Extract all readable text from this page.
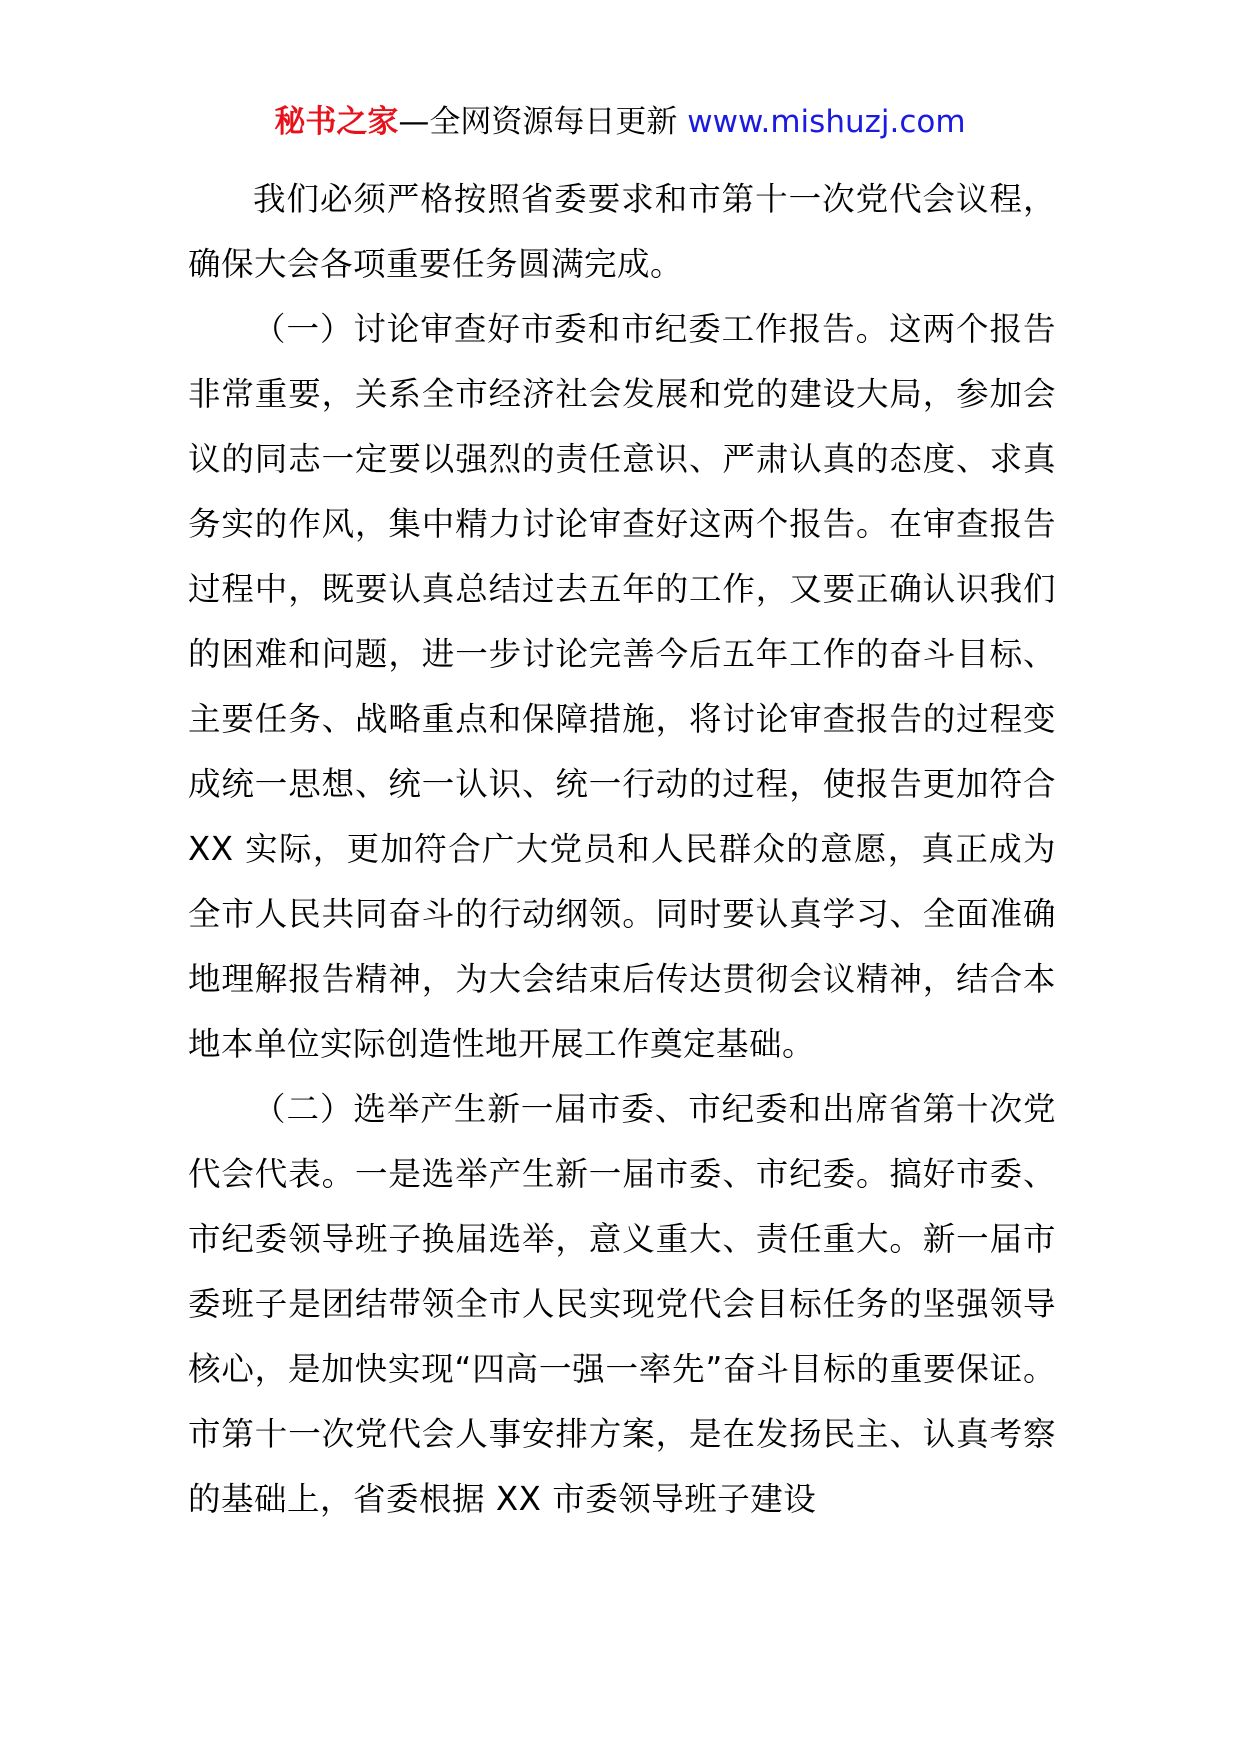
秘书之家—全网资源每日更新 www.mishuzj.com

我们必须严格按照省委要求和市第十一次党代会议程，确保大会各项重要任务圆满完成。

（一）讨论审查好市委和市纪委工作报告。这两个报告非常重要，关系全市经济社会发展和党的建设大局，参加会议的同志一定要以强烈的责任意识、严肃认真的态度、求真务实的作风，集中精力讨论审查好这两个报告。在审查报告过程中，既要认真总结过去五年的工作，又要正确认识我们的困难和问题，进一步讨论完善今后五年工作的奋斗目标、主要任务、战略重点和保障措施，将讨论审查报告的过程变成统一思想、统一认识、统一行动的过程，使报告更加符合 XX 实际，更加符合广大党员和人民群众的意愿，真正成为全市人民共同奋斗的行动纲领。同时要认真学习、全面准确地理解报告精神，为大会结束后传达贯彻会议精神，结合本地本单位实际创造性地开展工作奠定基础。

（二）选举产生新一届市委、市纪委和出席省第十次党代会代表。一是选举产生新一届市委、市纪委。搞好市委、市纪委领导班子换届选举，意义重大、责任重大。新一届市委班子是团结带领全市人民实现党代会目标任务的坚强领导核心，是加快实现“四高一强一率先”奋斗目标的重要保证。市第十一次党代会人事安排方案，是在发扬民主、认真考察的基础上，省委根据 XX 市委领导班子建设
